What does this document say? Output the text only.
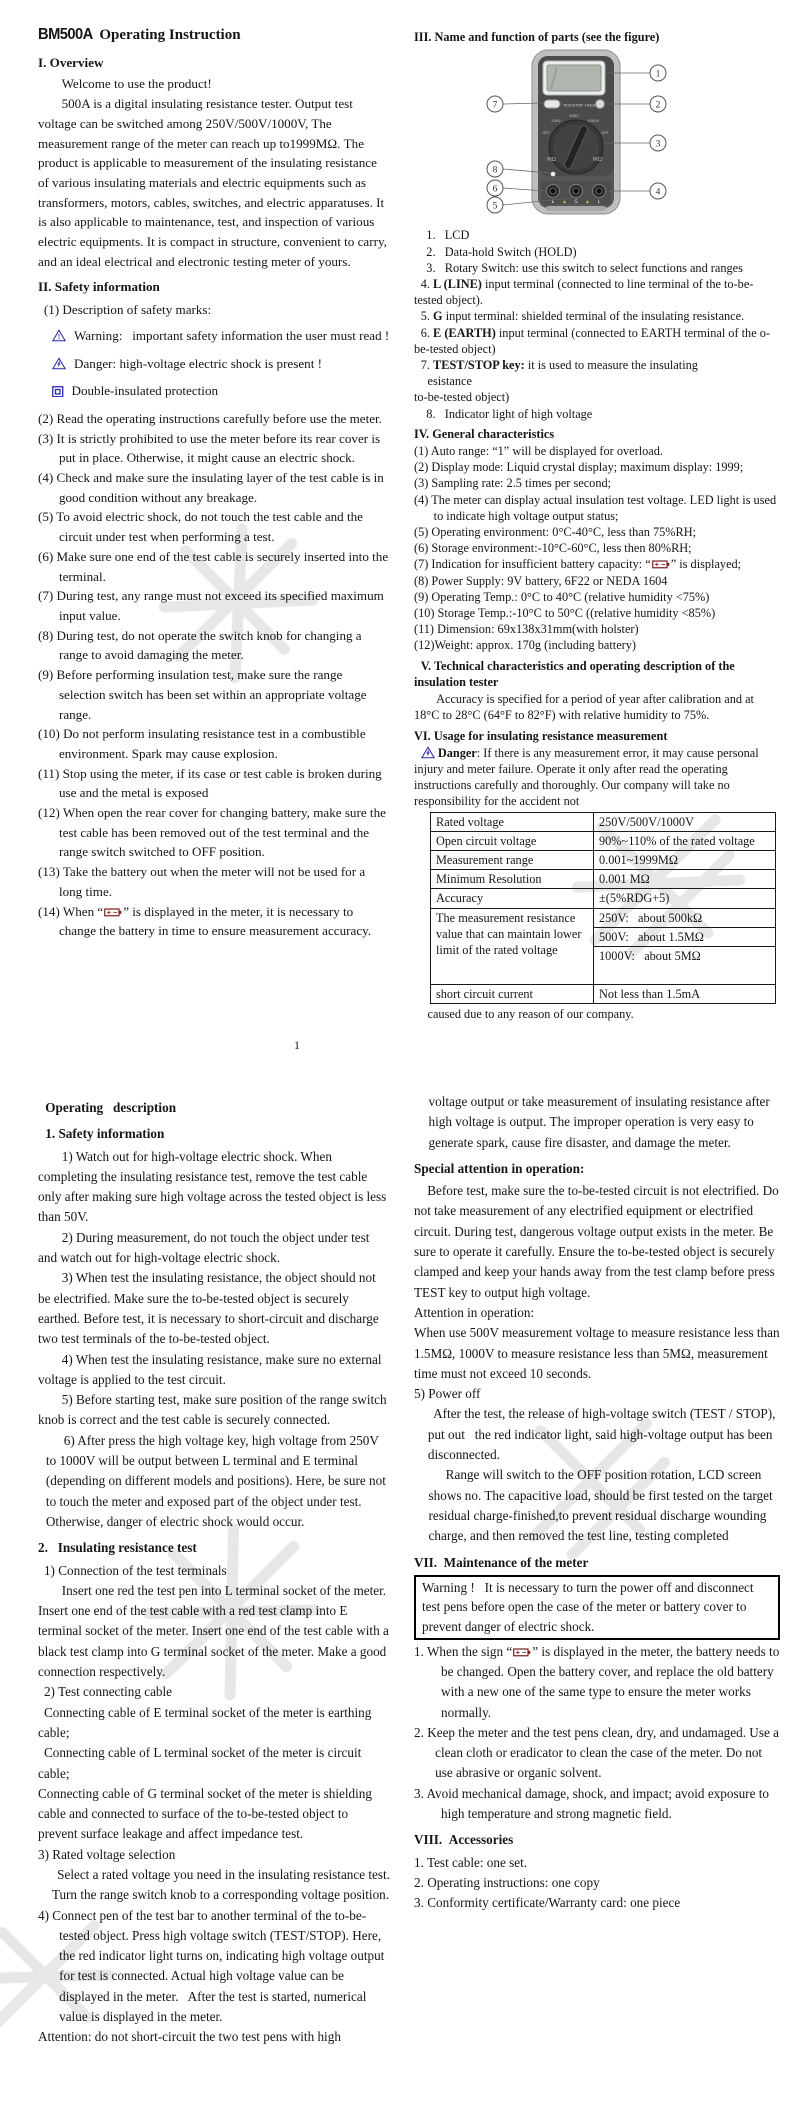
BM500A Operating Instruction
I. Overview
Welcome to use the product!
500A is a digital insulating resistance tester. Output test voltage can be switched among 250V/500V/1000V, The measurement range of the meter can reach up to1999MΩ. The product is applicable to measurement of the insulating resistance of various insulating materials and electric equipments such as transformers, motors, cables, switches, and electric apparatuses. It is also applicable to maintenance, test, and inspection of various electric equipments. It is compact in structure, convenient to carry, and an ideal electrical and electronic testing meter of yours.
II. Safety information
(1) Description of safety marks:
! Warning:   important safety information the user must read !
Danger: high-voltage electric shock is present !
Double-insulated protection
(2) Read the operating instructions carefully before use the meter.
(3) It is strictly prohibited to use the meter before its rear cover is put in place. Otherwise, it might cause an electric shock.
(4) Check and make sure the insulating layer of the test cable is in good condition without any breakage.
(5) To avoid electric shock, do not touch the test cable and the circuit under test when performing a test.
(6) Make sure one end of the test cable is securely inserted into the terminal.
(7) During test, any range must not exceed its specified maximum input value.
(8) During test, do not operate the switch knob for changing a range to avoid damaging the meter.
(9) Before performing insulation test, make sure the range selection switch has been set within an appropriate voltage range.
(10) Do not perform insulating resistance test in a combustible environment. Spark may cause explosion.
(11) Stop using the meter, if its case or test cable is broken during use and the metal is exposed
(12) When open the rear cover for changing battery, make sure the test cable has been removed out of the test terminal and the range switch switched to OFF position.
(13) Take the battery out when the meter will not be used for a long time.
(14) When “ ” is displayed in the meter, it is necessary to change the battery in time to ensure measurement accuracy.
III. Name and function of parts (see the figure)
TEST/STOP HOLD
250V
500V
1000V
OFF	OFF
MΩ	MΩ
E	G	L
▲	▲
1
2
3
4
7
8
6
5
1.   LCD
2.   Data-hold Switch (HOLD)
3.   Rotary Switch: use this switch to select functions and ranges
4. L (LINE) input terminal (connected to line terminal of the to-be-tested object).
5. G input terminal: shielded terminal of the insulating resistance.
6. E (EARTH) input terminal (connected to EARTH terminal of the o-be-tested object)
7. TEST/STOP key: it is used to measure the insulating
esistance
to-be-tested object)
8.   Indicator light of high voltage
IV. General characteristics
(1) Auto range: “1” will be displayed for overload.
(2) Display mode: Liquid crystal display; maximum display: 1999;
(3) Sampling rate: 2.5 times per second;
(4) The meter can display actual insulation test voltage. LED light is used to indicate high voltage output status;
(5) Operating environment: 0°C-40°C, less than 75%RH;
(6) Storage environment:-10°C-60°C, less then 80%RH;
(7) Indication for insufficient battery capacity: “ ” is displayed;
(8) Power Supply: 9V battery, 6F22 or NEDA 1604
(9) Operating Temp.: 0°C to 40°C (relative humidity <75%)
(10) Storage Temp.:-10°C to 50°C ((relative humidity <85%)
(11) Dimension: 69x138x31mm(with holster)
(12)Weight: approx. 170g (including battery)
V. Technical characteristics and operating description of the insulation tester
Accuracy is specified for a period of year after calibration and at 18°C to 28°C (64°F to 82°F) with relative humidity to 75%.
VI. Usage for insulating resistance measurement
Danger: If there is any measurement error, it may cause personal injury and meter failure. Operate it only after read the operating instructions carefully and thoroughly. Our company will take no responsibility for the accident not
Rated voltage	250V/500V/1000V
Open circuit voltage	90%~110% of the rated voltage
Measurement range	0.001~1999MΩ
Minimum Resolution	0.001 MΩ
Accuracy	±(5%RDG+5)
The measurement resistance value that can maintain lower limit of the rated voltage	250V:   about 500kΩ
	500V:   about 1.5MΩ
	1000V:   about 5MΩ
short circuit current	Not less than 1.5mA
caused due to any reason of our company.
1
Operating   description
1. Safety information
1) Watch out for high-voltage electric shock. When completing the insulating resistance test, remove the test cable only after making sure high voltage across the tested object is less than 50V.
2) During measurement, do not touch the object under test and watch out for high-voltage electric shock.
3) When test the insulating resistance, the object should not be electrified. Make sure the to-be-tested object is securely earthed. Before test, it is necessary to short-circuit and discharge two test terminals of the to-be-tested object.
4) When test the insulating resistance, make sure no external voltage is applied to the test circuit.
5) Before starting test, make sure position of the range switch knob is correct and the test cable is securely connected.
6) After press the high voltage key, high voltage from 250V to 1000V will be output between L terminal and E terminal (depending on different models and positions). Here, be sure not to touch the meter and exposed part of the object under test. Otherwise, danger of electric shock would occur.
2.   Insulating resistance test
1) Connection of the test terminals
Insert one red the test pen into L terminal socket of the meter. Insert one end of the test cable with a red test clamp into E terminal socket of the meter. Insert one end of the test cable with a black test clamp into G terminal socket of the meter. Make a good connection respectively.
2) Test connecting cable
Connecting cable of E terminal socket of the meter is earthing cable;
Connecting cable of L terminal socket of the meter is circuit cable;
Connecting cable of G terminal socket of the meter is shielding cable and connected to surface of the to-be-tested object to prevent surface leakage and affect impedance test.
3) Rated voltage selection
Select a rated voltage you need in the insulating resistance test. Turn the range switch knob to a corresponding voltage position.
4) Connect pen of the test bar to another terminal of the to-be-tested object. Press high voltage switch (TEST/STOP). Here, the red indicator light turns on, indicating high voltage output for test is connected. Actual high voltage value can be displayed in the meter.   After the test is started, numerical value is displayed in the meter.
Attention: do not short-circuit the two test pens with high
voltage output or take measurement of insulating resistance after high voltage is output. The improper operation is very easy to generate spark, cause fire disaster, and damage the meter.
Special attention in operation:
Before test, make sure the to-be-tested circuit is not electrified. Do not take measurement of any electrified equipment or electrified circuit. During test, dangerous voltage output exists in the meter. Be sure to operate it carefully. Ensure the to-be-tested object is securely clamped and keep your hands away from the test clamp before press TEST key to output high voltage.
Attention in operation:
When use 500V measurement voltage to measure resistance less than 1.5MΩ, 1000V to measure resistance less than 5MΩ, measurement time must not exceed 10 seconds.
5) Power off
After the test, the release of high-voltage switch (TEST / STOP), put out   the red indicator light, said high-voltage output has been disconnected.
Range will switch to the OFF position rotation, LCD screen shows no. The capacitive load, should be first tested on the target residual charge-finished,to prevent residual discharge wounding charge, and then removed the test line, testing completed
VII.  Maintenance of the meter
Warning !   It is necessary to turn the power off and disconnect test pens before open the case of the meter or battery cover to prevent danger of electric shock.
1. When the sign “ ” is displayed in the meter, the battery needs to be changed. Open the battery cover, and replace the old battery with a new one of the same type to ensure the meter works normally.
2. Keep the meter and the test pens clean, dry, and undamaged. Use a clean cloth or eradicator to clean the case of the meter. Do not use abrasive or organic solvent.
3. Avoid mechanical damage, shock, and impact; avoid exposure to high temperature and strong magnetic field.
VIII.  Accessories
1. Test cable: one set.
2. Operating instructions: one copy
3. Conformity certificate/Warranty card: one piece
